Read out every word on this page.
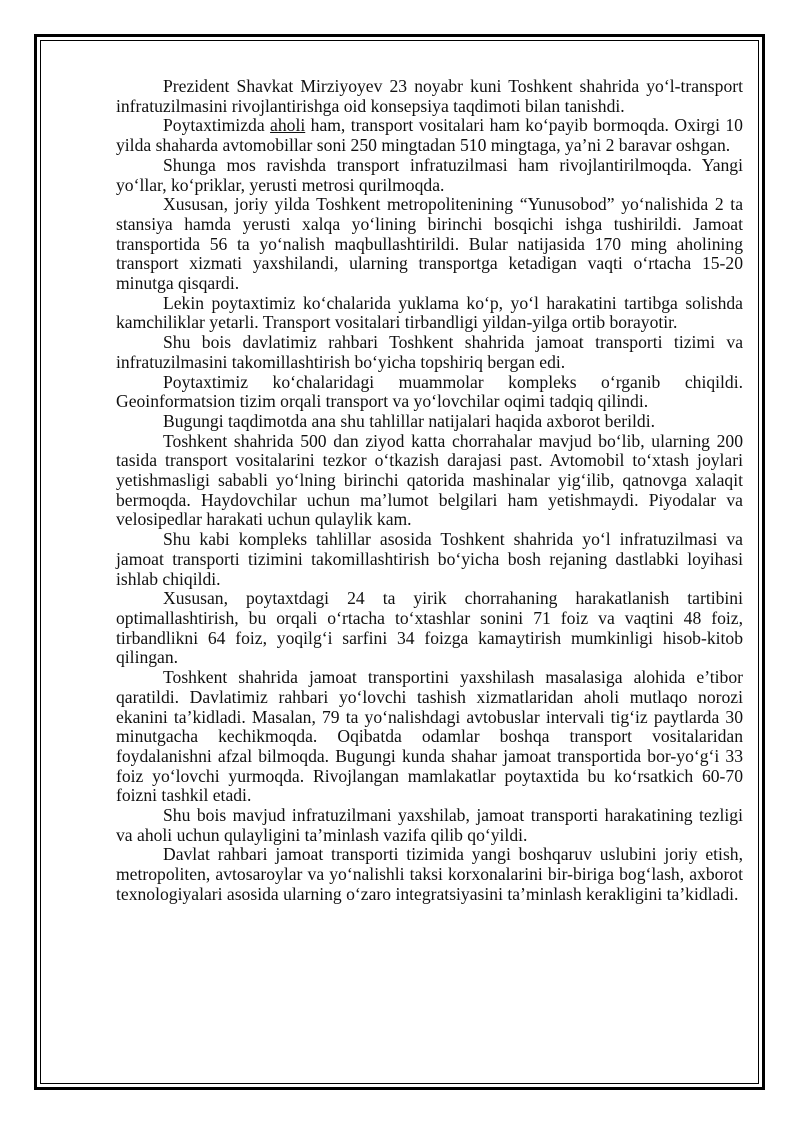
Prezident Shavkat Mirziyoyev 23 noyabr kuni Toshkent shahrida yo‘l-transport infratuzilmasini rivojlantirishga oid konsepsiya taqdimoti bilan tanishdi.

Poytaxtimizda aholi ham, transport vositalari ham ko‘payib bormoqda. Oxirgi 10 yilda shaharda avtomobillar soni 250 mingtadan 510 mingtaga, ya’ni 2 baravar oshgan.

Shunga mos ravishda transport infratuzilmasi ham rivojlantirilmoqda. Yangi yo‘llar, ko‘priklar, yerusti metrosi qurilmoqda.

Xususan, joriy yilda Toshkent metropolitenining “Yunusobod” yo‘nalishida 2 ta stansiya hamda yerusti xalqa yo‘lining birinchi bosqichi ishga tushirildi. Jamoat transportida 56 ta yo‘nalish maqbullashtirildi. Bular natijasida 170 ming aholining transport xizmati yaxshilandi, ularning transportga ketadigan vaqti o‘rtacha 15-20 minutga qisqardi.

Lekin poytaxtimiz ko‘chalarida yuklama ko‘p, yo‘l harakatini tartibga solishda kamchiliklar yetarli. Transport vositalari tirbandligi yildan-yilga ortib borayotir.

Shu bois davlatimiz rahbari Toshkent shahrida jamoat transporti tizimi va infratuzilmasini takomillashtirish bo‘yicha topshiriq bergan edi.

Poytaxtimiz ko‘chalaridagi muammolar kompleks o‘rganib chiqildi. Geoinformatsion tizim orqali transport va yo‘lovchilar oqimi tadqiq qilindi.

Bugungi taqdimotda ana shu tahlillar natijalari haqida axborot berildi.

Toshkent shahrida 500 dan ziyod katta chorrahalar mavjud bo‘lib, ularning 200 tasida transport vositalarini tezkor o‘tkazish darajasi past. Avtomobil to‘xtash joylari yetishmasligi sababli yo‘lning birinchi qatorida mashinalar yig‘ilib, qatnovga xalaqit bermoqda. Haydovchilar uchun ma’lumot belgilari ham yetishmaydi. Piyodalar va velosipedlar harakati uchun qulaylik kam.

Shu kabi kompleks tahlillar asosida Toshkent shahrida yo‘l infratuzilmasi va jamoat transporti tizimini takomillashtirish bo‘yicha bosh rejaning dastlabki loyihasi ishlab chiqildi.

Xususan, poytaxtdagi 24 ta yirik chorrahaning harakatlanish tartibini optimallashtirish, bu orqali o‘rtacha to‘xtashlar sonini 71 foiz va vaqtini 48 foiz, tirbandlikni 64 foiz, yoqilg‘i sarfini 34 foizga kamaytirish mumkinligi hisob-kitob qilingan.

Toshkent shahrida jamoat transportini yaxshilash masalasiga alohida e’tibor qaratildi. Davlatimiz rahbari yo‘lovchi tashish xizmatlaridan aholi mutlaqo norozi ekanini ta’kidladi. Masalan, 79 ta yo‘nalishdagi avtobuslar intervali tig‘iz paytlarda 30 minutgacha kechikmoqda. Oqibatda odamlar boshqa transport vositalaridan foydalanishni afzal bilmoqda. Bugungi kunda shahar jamoat transportida bor-yo‘g‘i 33 foiz yo‘lovchi yurmoqda. Rivojlangan mamlakatlar poytaxtida bu ko‘rsatkich 60-70 foizni tashkil etadi.

Shu bois mavjud infratuzilmani yaxshilab, jamoat transporti harakatining tezligi va aholi uchun qulayligini ta’minlash vazifa qilib qo‘yildi.

Davlat rahbari jamoat transporti tizimida yangi boshqaruv uslubini joriy etish, metropoliten, avtosaroylar va yo‘nalishli taksi korxonalarini bir-biriga bog‘lash, axborot texnologiyalari asosida ularning o‘zaro integratsiyasini ta’minlash kerakligini ta’kidladi.
